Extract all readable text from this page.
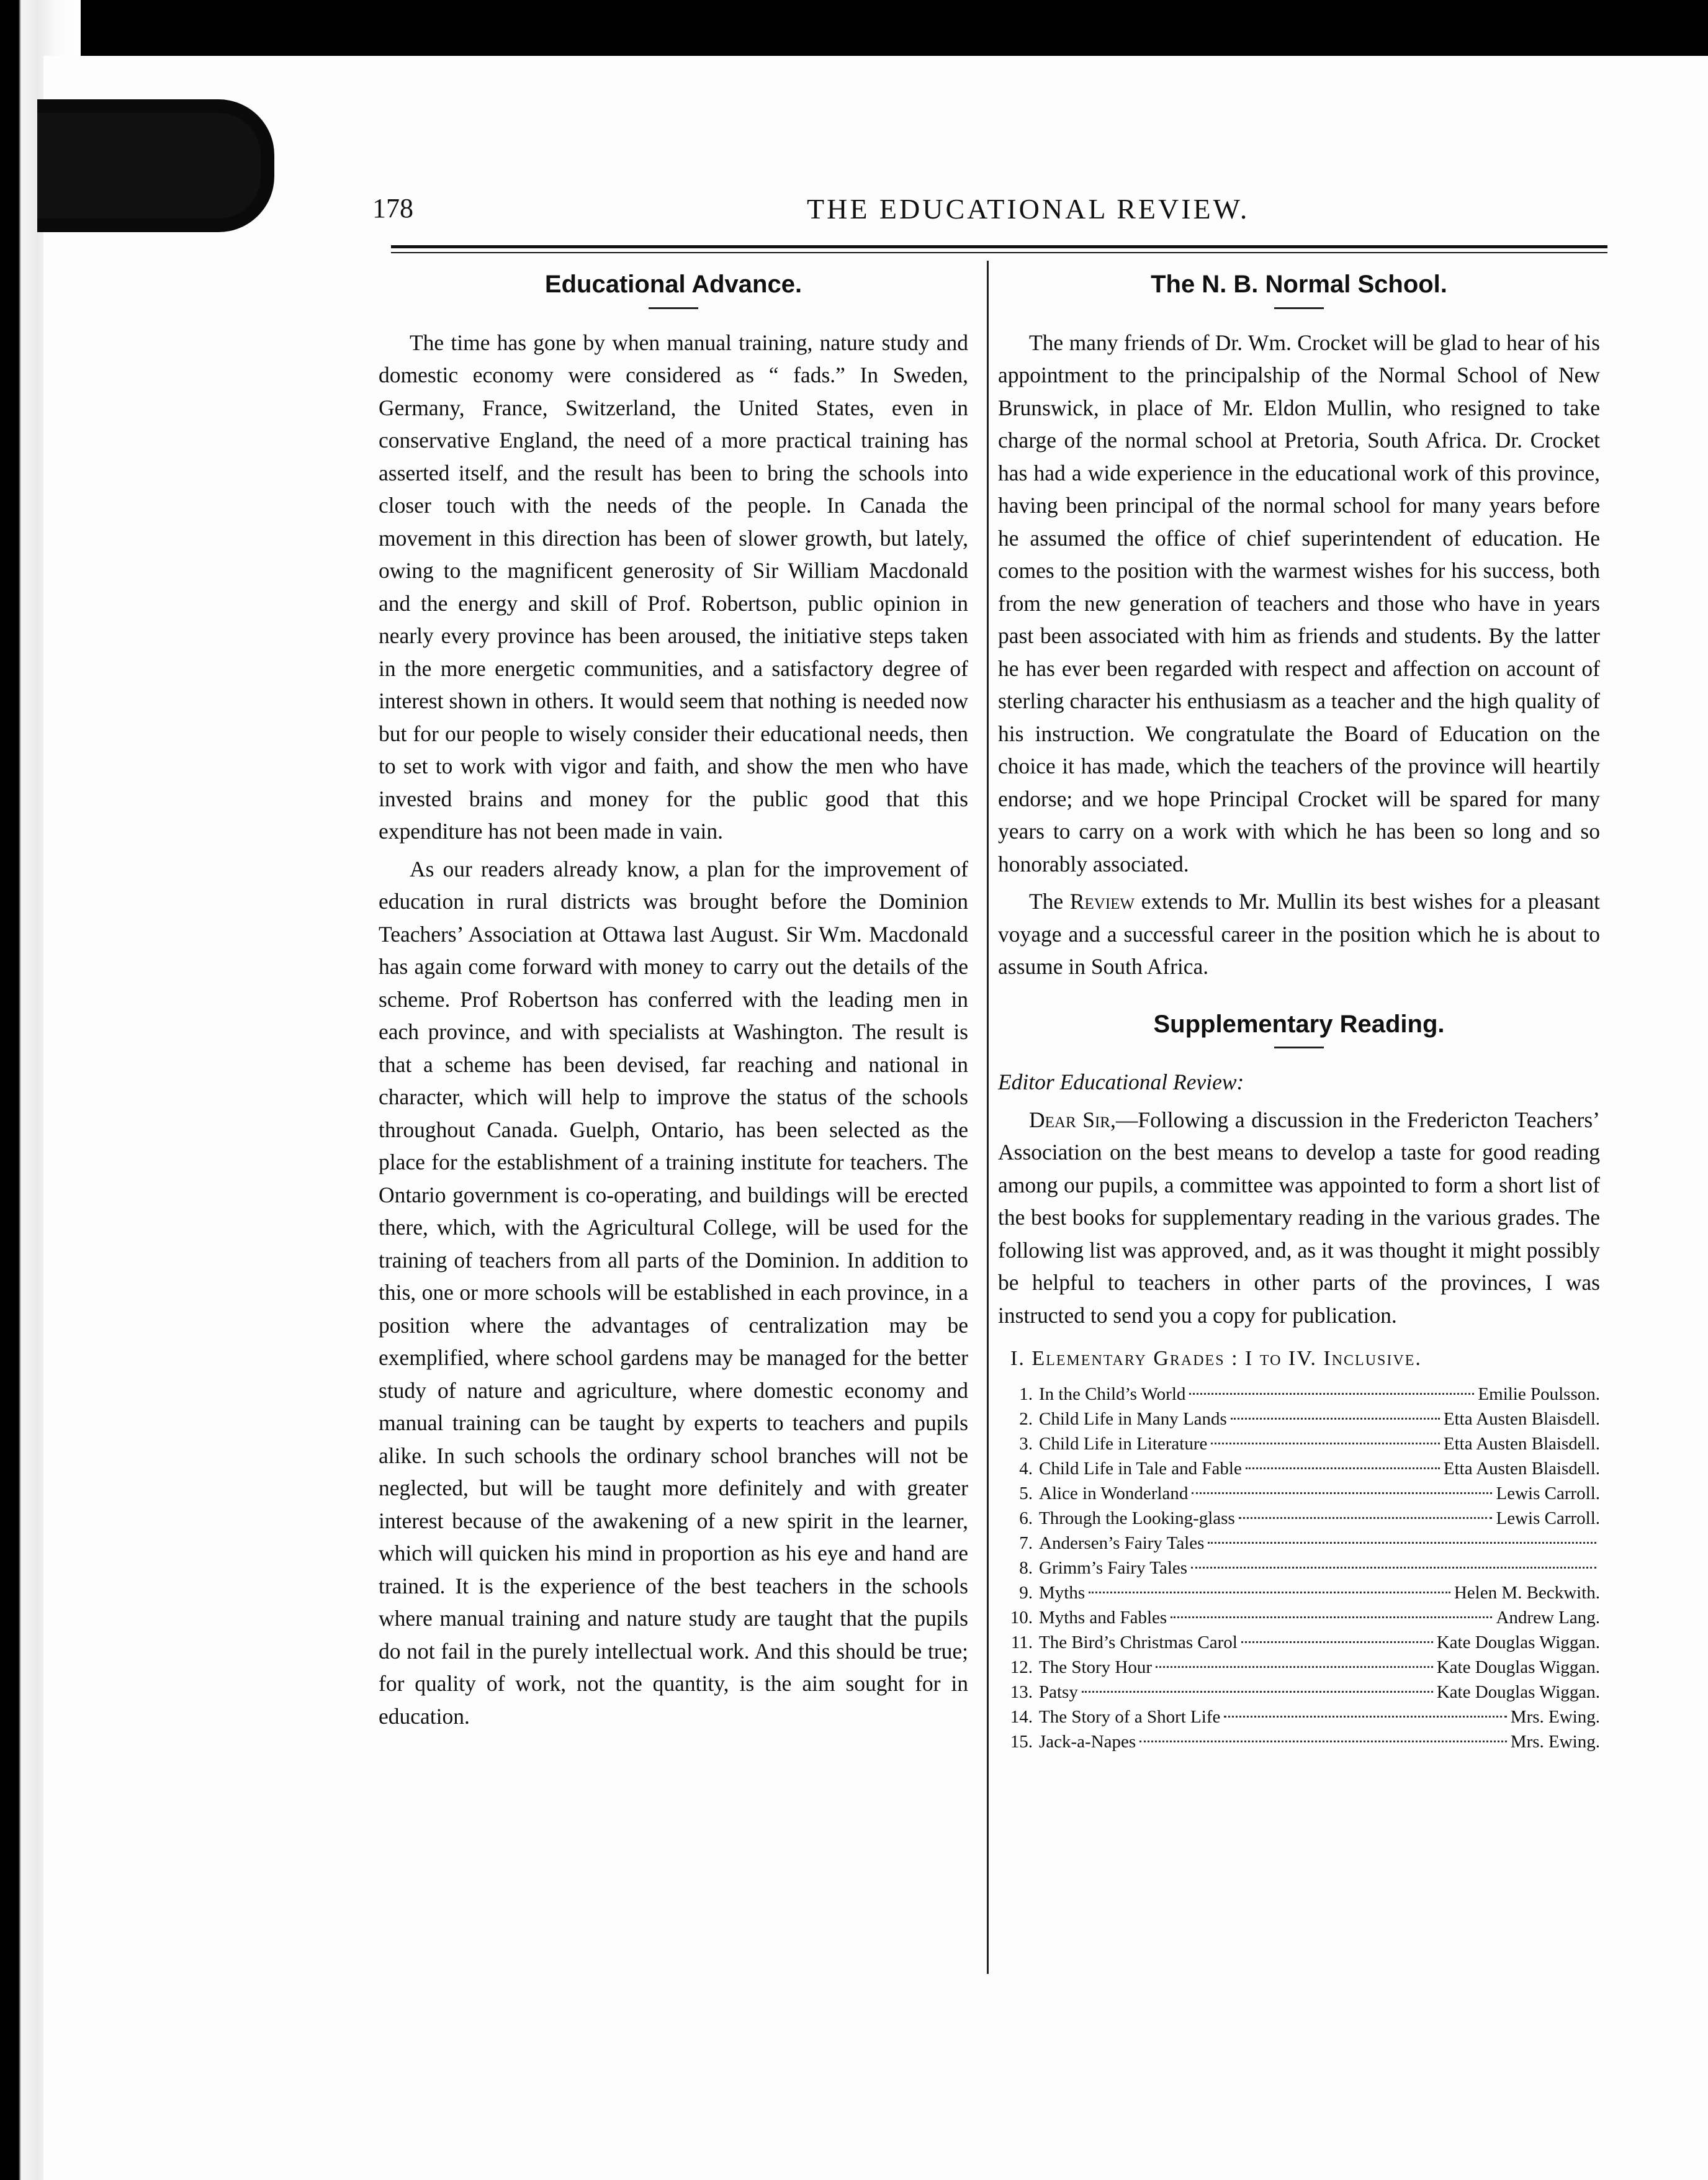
178	THE EDUCATIONAL REVIEW.
Educational Advance.

The time has gone by when manual training, nature study and domestic economy were considered as “ fads.” In Sweden, Germany, France, Switzerland, the United States, even in conservative England, the need of a more practical training has asserted itself, and the result has been to bring the schools into closer touch with the needs of the people. In Canada the movement in this direction has been of slower growth, but lately, owing to the magnificent generosity of Sir William Macdonald and the energy and skill of Prof. Robertson, public opinion in nearly every province has been aroused, the initiative steps taken in the more energetic communities, and a satisfactory degree of interest shown in others. It would seem that nothing is needed now but for our people to wisely consider their educational needs, then to set to work with vigor and faith, and show the men who have invested brains and money for the public good that this expenditure has not been made in vain.

As our readers already know, a plan for the improvement of education in rural districts was brought before the Dominion Teachers’ Association at Ottawa last August. Sir Wm. Macdonald has again come forward with money to carry out the details of the scheme. Prof Robertson has conferred with the leading men in each province, and with specialists at Washington. The result is that a scheme has been devised, far reaching and national in character, which will help to improve the status of the schools throughout Canada. Guelph, Ontario, has been selected as the place for the establishment of a training institute for teachers. The Ontario government is co-operating, and buildings will be erected there, which, with the Agricultural College, will be used for the training of teachers from all parts of the Dominion. In addition to this, one or more schools will be established in each province, in a position where the advantages of centralization may be exemplified, where school gardens may be managed for the better study of nature and agriculture, where domestic economy and manual training can be taught by experts to teachers and pupils alike. In such schools the ordinary school branches will not be neglected, but will be taught more definitely and with greater interest because of the awakening of a new spirit in the learner, which will quicken his mind in proportion as his eye and hand are trained. It is the experience of the best teachers in the schools where manual training and nature study are taught that the pupils do not fail in the purely intellectual work. And this should be true; for quality of work, not the quantity, is the aim sought for in education.

The N. B. Normal School.

The many friends of Dr. Wm. Crocket will be glad to hear of his appointment to the principalship of the Normal School of New Brunswick, in place of Mr. Eldon Mullin, who resigned to take charge of the normal school at Pretoria, South Africa. Dr. Crocket has had a wide experience in the educational work of this province, having been principal of the normal school for many years before he assumed the office of chief superintendent of education. He comes to the position with the warmest wishes for his success, both from the new generation of teachers and those who have in years past been associated with him as friends and students. By the latter he has ever been regarded with respect and affection on account of sterling character his enthusiasm as a teacher and the high quality of his instruction. We congratulate the Board of Education on the choice it has made, which the teachers of the province will heartily endorse; and we hope Principal Crocket will be spared for many years to carry on a work with which he has been so long and so honorably associated.

The Review extends to Mr. Mullin its best wishes for a pleasant voyage and a successful career in the position which he is about to assume in South Africa.

Supplementary Reading.

Editor Educational Review:

Dear Sir,—Following a discussion in the Fredericton Teachers’ Association on the best means to develop a taste for good reading among our pupils, a committee was appointed to form a short list of the best books for supplementary reading in the various grades. The following list was approved, and, as it was thought it might possibly be helpful to teachers in other parts of the provinces, I was instructed to send you a copy for publication.

I. Elementary Grades : I to IV. Inclusive.

1. In the Child’s World	Emilie Poulsson.
2. Child Life in Many Lands	Etta Austen Blaisdell.
3. Child Life in Literature	Etta Austen Blaisdell.
4. Child Life in Tale and Fable	Etta Austen Blaisdell.
5. Alice in Wonderland	Lewis Carroll.
6. Through the Looking-glass	Lewis Carroll.
7. Andersen’s Fairy Tales
8. Grimm’s Fairy Tales
9. Myths	Helen M. Beckwith.
10. Myths and Fables	Andrew Lang.
11. The Bird’s Christmas Carol	Kate Douglas Wiggan.
12. The Story Hour	Kate Douglas Wiggan.
13. Patsy	Kate Douglas Wiggan.
14. The Story of a Short Life	Mrs. Ewing.
15. Jack-a-Napes	Mrs. Ewing.
